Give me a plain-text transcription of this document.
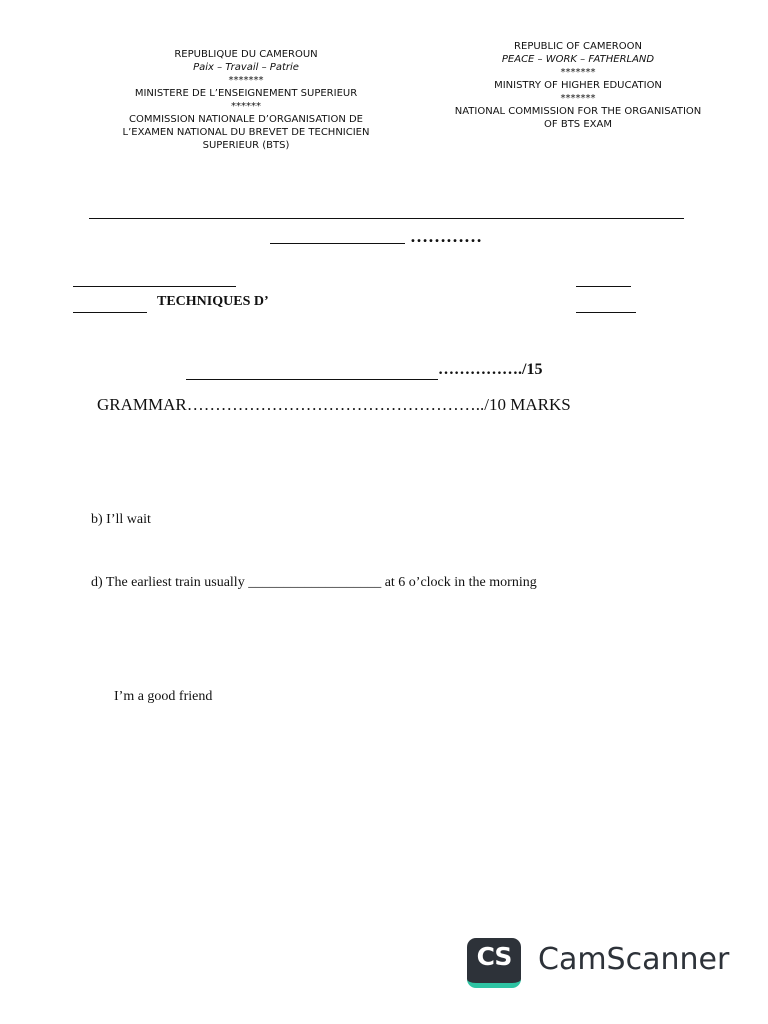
REPUBLIQUE DU CAMEROUN
Paix – Travail – Patrie
*******
MINISTERE DE L’ENSEIGNEMENT SUPERIEUR
******
COMMISSION NATIONALE D’ORGANISATION DE
L’EXAMEN NATIONAL DU BREVET DE TECHNICIEN
SUPERIEUR (BTS)
REPUBLIC OF CAMEROON
PEACE – WORK – FATHERLAND
*******
MINISTRY OF HIGHER EDUCATION
*******
NATIONAL COMMISSION FOR THE ORGANISATION
OF BTS EXAM
…………
TECHNIQUES D’
……………./15
GRAMMAR……………………………………………../10 MARKS
b) I’ll wait
d) The earliest train usually ___________________ at 6 o’clock in the morning
I’m a good friend
CS CamScanner
